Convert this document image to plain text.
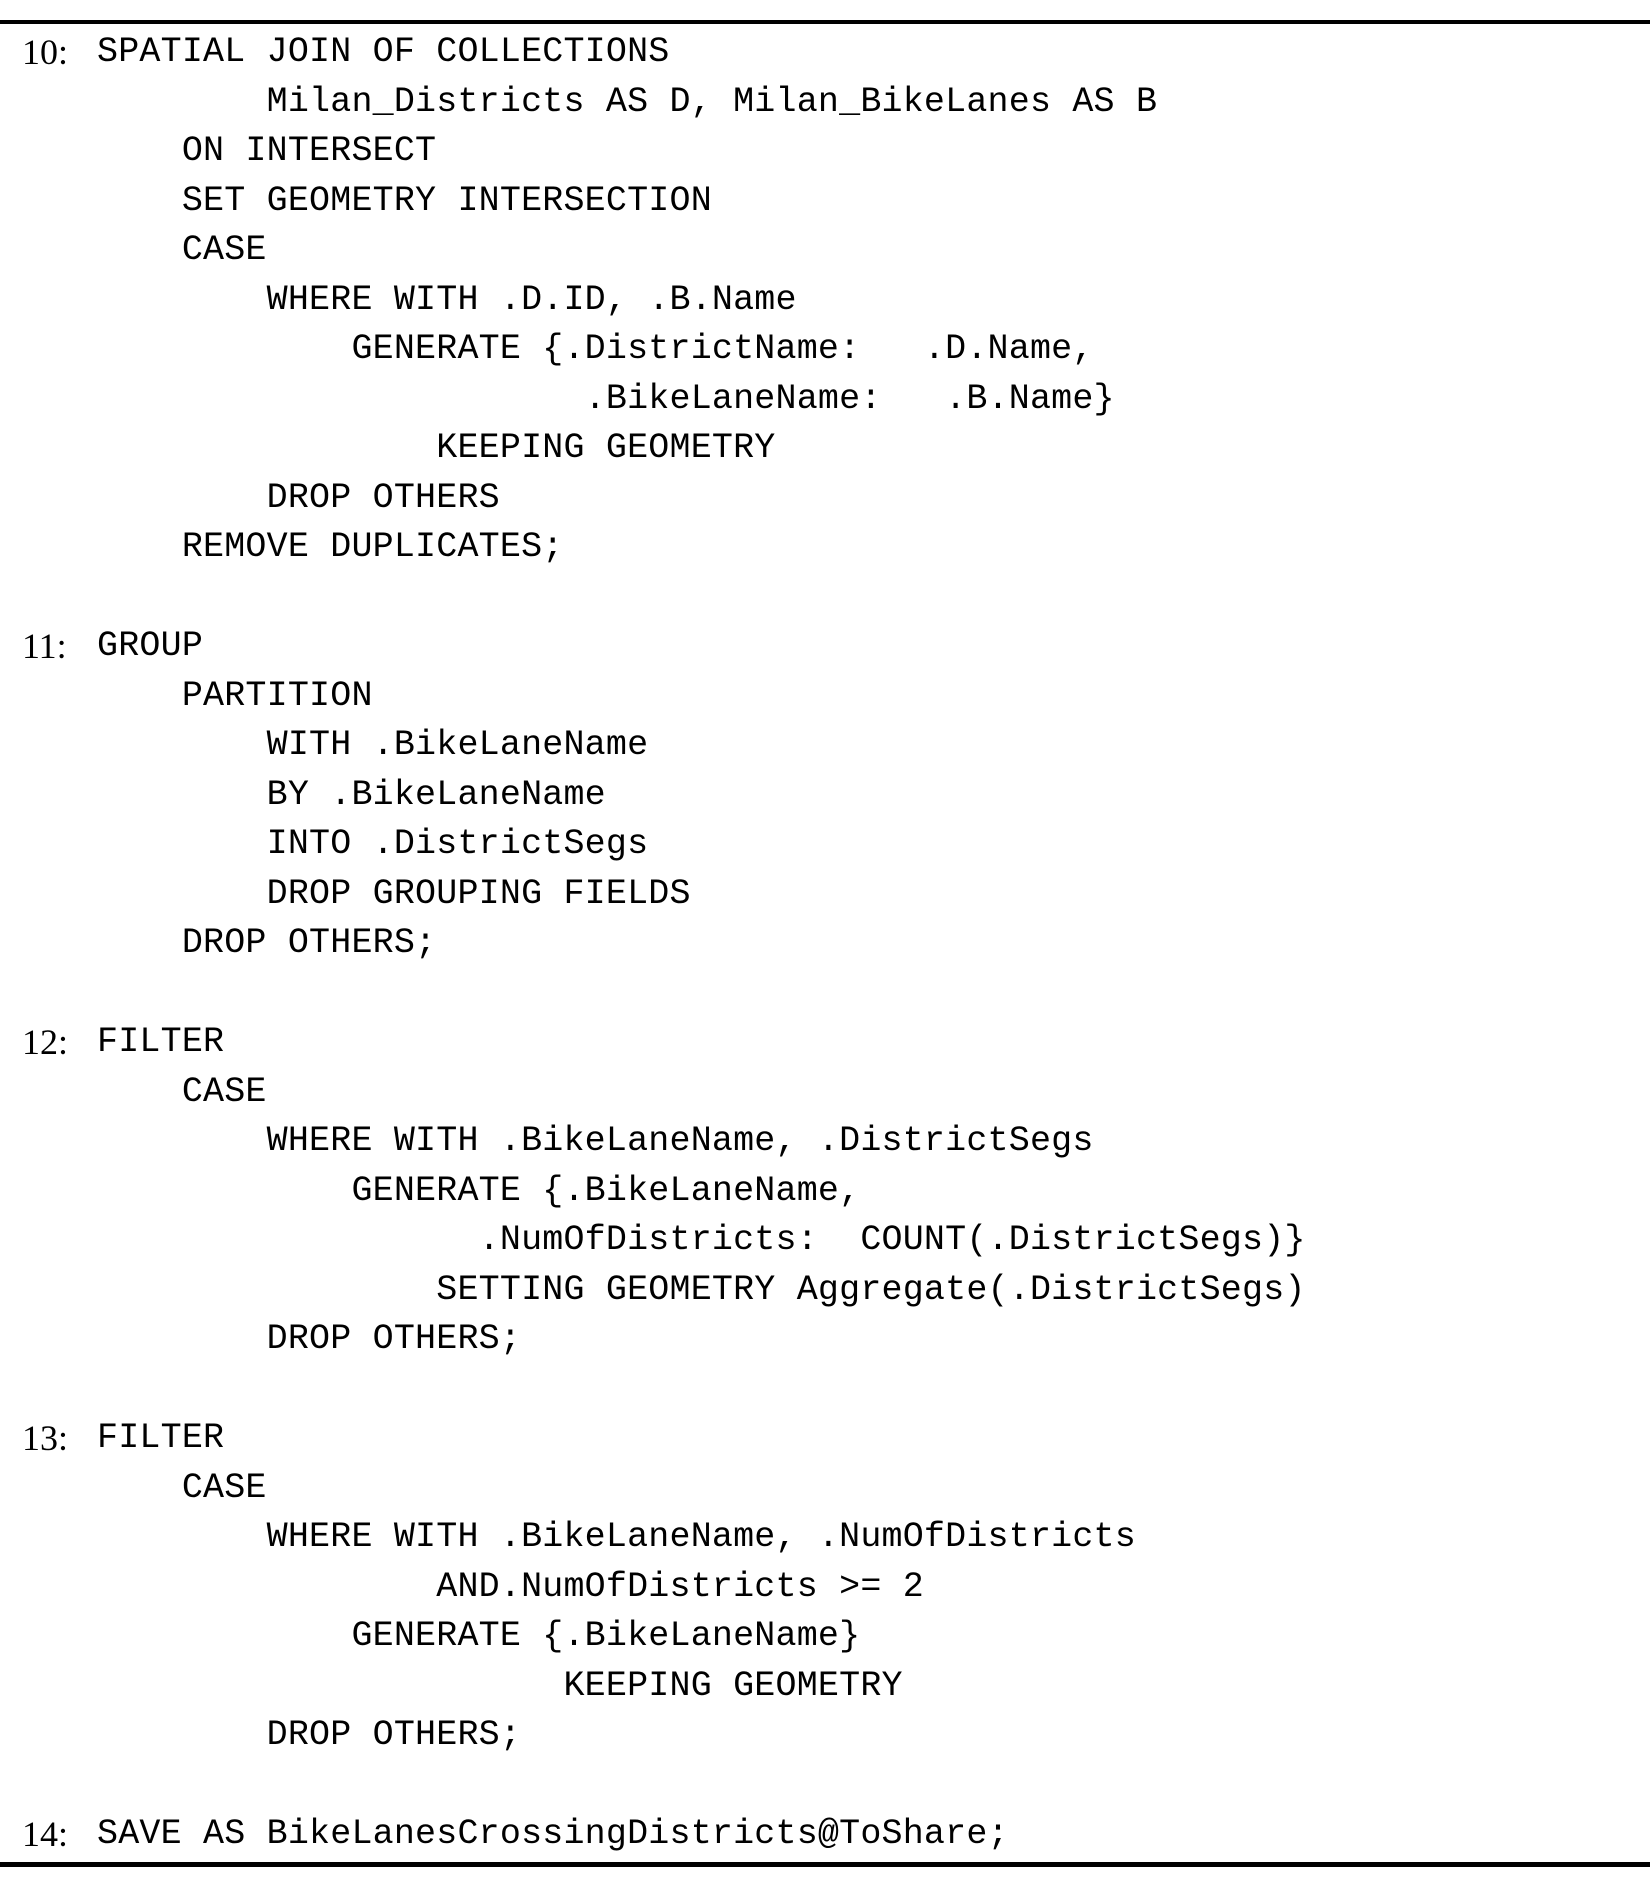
10: SPATIAL JOIN OF COLLECTIONS
Milan_Districts AS D, Milan_BikeLanes AS B
ON INTERSECT
SET GEOMETRY INTERSECTION
CASE
WHERE WITH .D.ID, .B.Name
GENERATE {.DistrictName:   .D.Name,
.BikeLaneName:   .B.Name}
KEEPING GEOMETRY
DROP OTHERS
REMOVE DUPLICATES;
11: GROUP
PARTITION
WITH .BikeLaneName
BY .BikeLaneName
INTO .DistrictSegs
DROP GROUPING FIELDS
DROP OTHERS;
12: FILTER
CASE
WHERE WITH .BikeLaneName, .DistrictSegs
GENERATE {.BikeLaneName,
.NumOfDistricts:  COUNT(.DistrictSegs)}
SETTING GEOMETRY Aggregate(.DistrictSegs)
DROP OTHERS;
13: FILTER
CASE
WHERE WITH .BikeLaneName, .NumOfDistricts
AND.NumOfDistricts >= 2
GENERATE {.BikeLaneName}
KEEPING GEOMETRY
DROP OTHERS;
14: SAVE AS BikeLanesCrossingDistricts@ToShare;
